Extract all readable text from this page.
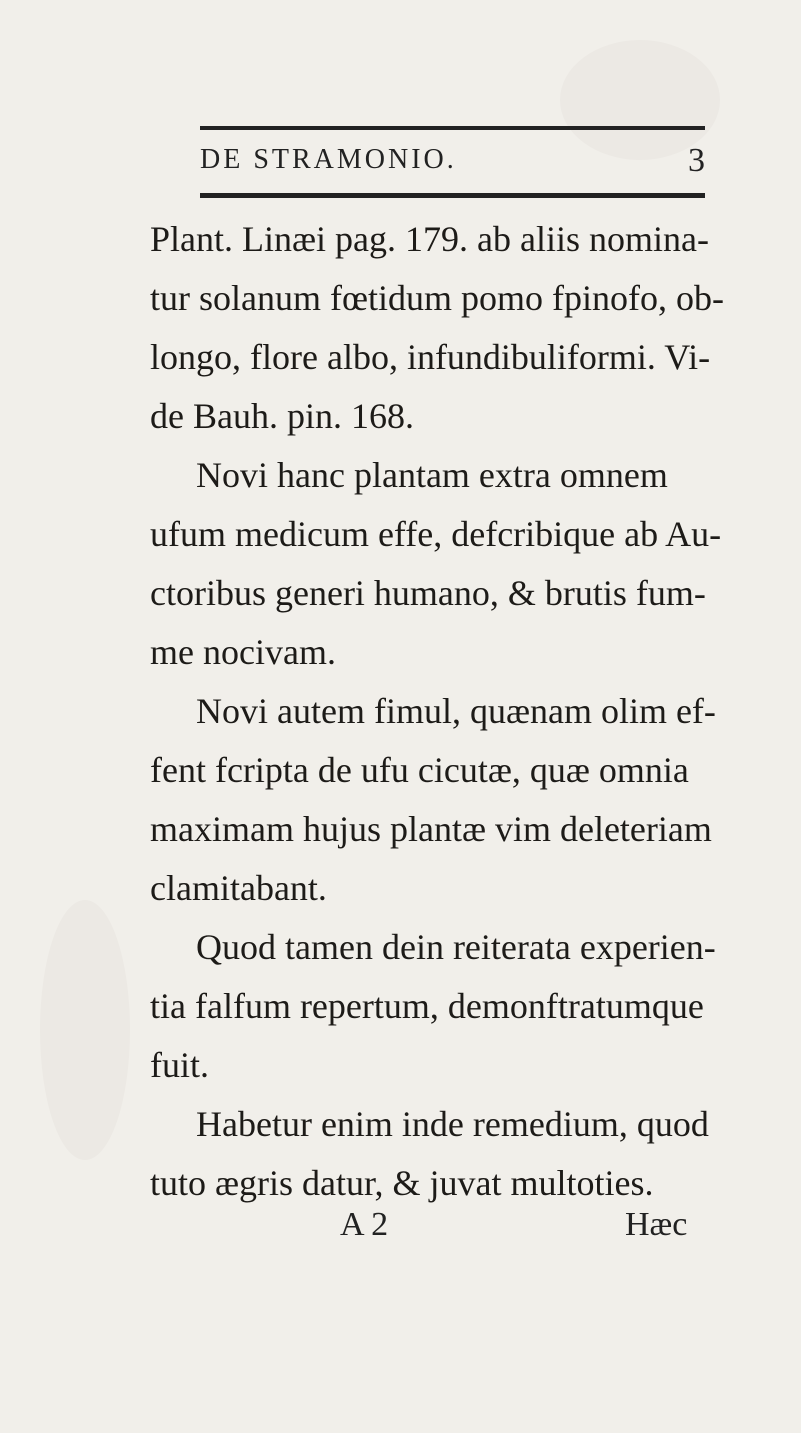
DE STRAMONIO.	3
Plant. Linæi pag. 179. ab aliis nomina-
tur solanum fœtidum pomo fpinofo, ob-
longo, flore albo, infundibuliformi. Vi-
de Bauh. pin. 168.
Novi hanc plantam extra omnem
ufum medicum effe, defcribique ab Au-
ctoribus generi humano, & brutis fum-
me nocivam.
Novi autem fimul, quænam olim ef-
fent fcripta de ufu cicutæ, quæ omnia
maximam hujus plantæ vim deleteriam
clamitabant.
Quod tamen dein reiterata experien-
tia falfum repertum, demonftratumque
fuit.
Habetur enim inde remedium, quod
tuto ægris datur, & juvat multoties.
A 2	Hæc
